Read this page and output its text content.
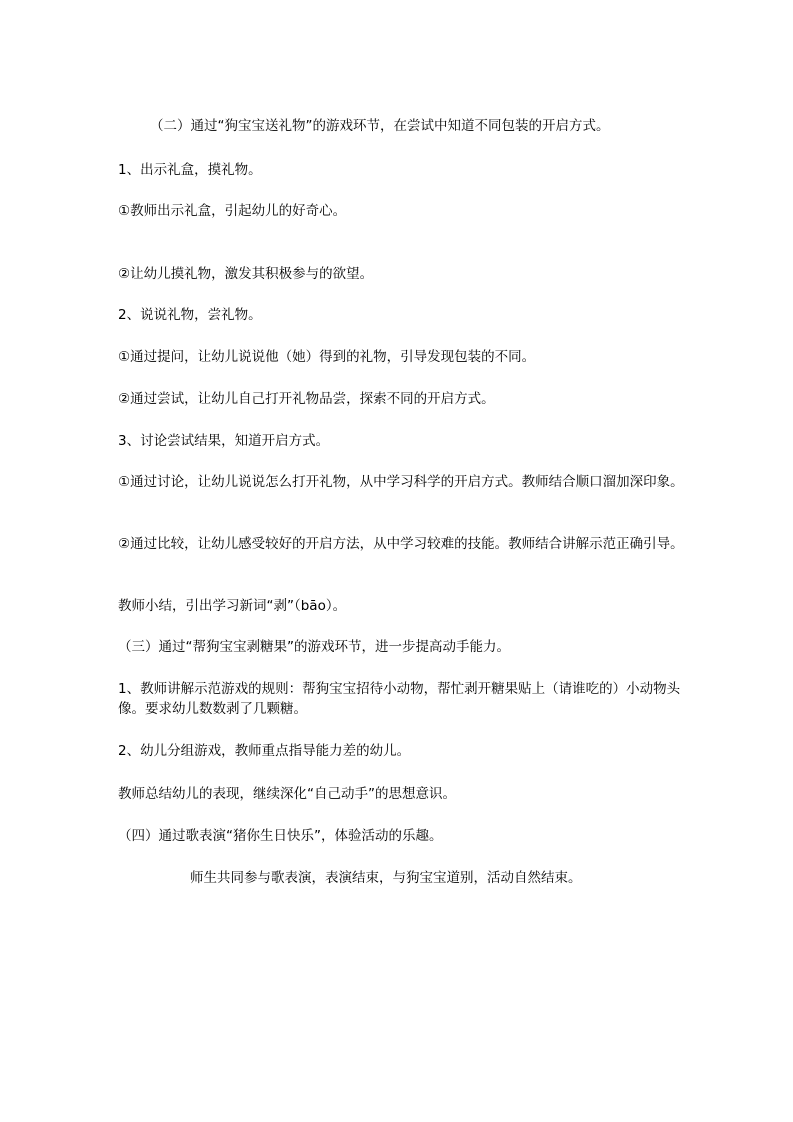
（二）通过“狗宝宝送礼物”的游戏环节，在尝试中知道不同包装的开启方式。

1、出示礼盒，摸礼物。

①教师出示礼盒，引起幼儿的好奇心。

②让幼儿摸礼物，激发其积极参与的欲望。

2、说说礼物，尝礼物。

①通过提问，让幼儿说说他（她）得到的礼物，引导发现包装的不同。

②通过尝试，让幼儿自己打开礼物品尝，探索不同的开启方式。

3、讨论尝试结果，知道开启方式。

①通过讨论，让幼儿说说怎么打开礼物，从中学习科学的开启方式。教师结合顺口溜加深印象。

②通过比较，让幼儿感受较好的开启方法，从中学习较难的技能。教师结合讲解示范正确引导。

教师小结，引出学习新词“剥”（bāo）。

（三）通过“帮狗宝宝剥糖果”的游戏环节，进一步提高动手能力。

1、教师讲解示范游戏的规则：帮狗宝宝招待小动物，帮忙剥开糖果贴上（请谁吃的）小动物头像。要求幼儿数数剥了几颗糖。

2、幼儿分组游戏，教师重点指导能力差的幼儿。

教师总结幼儿的表现，继续深化“自己动手”的思想意识。

（四）通过歌表演“猪你生日快乐”，体验活动的乐趣。

师生共同参与歌表演，表演结束，与狗宝宝道别，活动自然结束。
